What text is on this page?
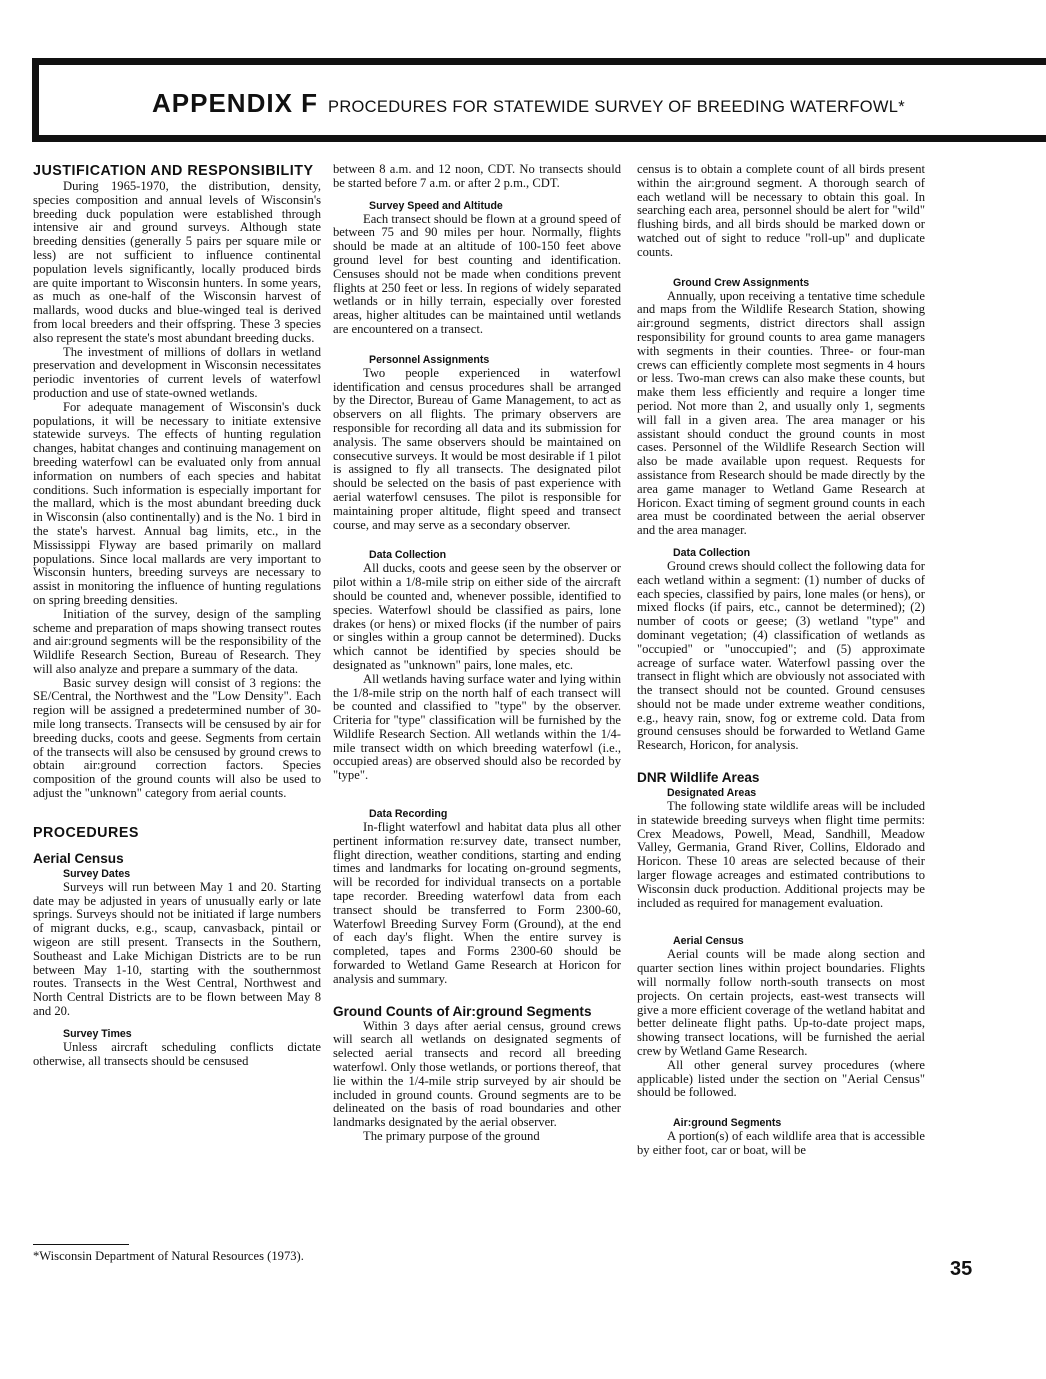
APPENDIX F PROCEDURES FOR STATEWIDE SURVEY OF BREEDING WATERFOWL*
JUSTIFICATION AND RESPONSIBILITY

During 1965-1970, the distribution, density, species composition and annual levels of Wisconsin's breeding duck population were established through intensive air and ground surveys. Although state breeding densities (generally 5 pairs per square mile or less) are not sufficient to influence continental population levels significantly, locally produced birds are quite important to Wisconsin hunters. In some years, as much as one-half of the Wisconsin harvest of mallards, wood ducks and blue-winged teal is derived from local breeders and their offspring. These 3 species also represent the state's most abundant breeding ducks.

The investment of millions of dollars in wetland preservation and development in Wisconsin necessitates periodic inventories of current levels of waterfowl production and use of state-owned wetlands.

For adequate management of Wisconsin's duck populations, it will be necessary to initiate extensive statewide surveys. The effects of hunting regulation changes, habitat changes and continuing management on breeding waterfowl can be evaluated only from annual information on numbers of each species and habitat conditions. Such information is especially important for the mallard, which is the most abundant breeding duck in Wisconsin (also continentally) and is the No. 1 bird in the state's harvest. Annual bag limits, etc., in the Mississippi Flyway are based primarily on mallard populations. Since local mallards are very important to Wisconsin hunters, breeding surveys are necessary to assist in monitoring the influence of hunting regulations on spring breeding densities.

Initiation of the survey, design of the sampling scheme and preparation of maps showing transect routes and air:ground segments will be the responsibility of the Wildlife Research Section, Bureau of Research. They will also analyze and prepare a summary of the data.

Basic survey design will consist of 3 regions: the SE/Central, the Northwest and the "Low Density". Each region will be assigned a predetermined number of 30-mile long transects. Transects will be censused by air for breeding ducks, coots and geese. Segments from certain of the transects will also be censused by ground crews to obtain air:ground correction factors. Species composition of the ground counts will also be used to adjust the "unknown" category from aerial counts.

PROCEDURES
Aerial Census
Survey Dates

Surveys will run between May 1 and 20. Starting date may be adjusted in years of unusually early or late springs. Surveys should not be initiated if large numbers of migrant ducks, e.g., scaup, canvasback, pintail or wigeon are still present. Transects in the Southern, Southeast and Lake Michigan Districts are to be run between May 1-10, starting with the southernmost routes. Transects in the West Central, Northwest and North Central Districts are to be flown between May 8 and 20.

Survey Times

Unless aircraft scheduling conflicts dictate otherwise, all transects should be censused

between 8 a.m. and 12 noon, CDT. No transects should be started before 7 a.m. or after 2 p.m., CDT.

Survey Speed and Altitude

Each transect should be flown at a ground speed of between 75 and 90 miles per hour. Normally, flights should be made at an altitude of 100-150 feet above ground level for best counting and identification. Censuses should not be made when conditions prevent flights at 250 feet or less. In regions of widely separated wetlands or in hilly terrain, especially over forested areas, higher altitudes can be maintained until wetlands are encountered on a transect.

Personnel Assignments

Two people experienced in waterfowl identification and census procedures shall be arranged by the Director, Bureau of Game Management, to act as observers on all flights. The primary observers are responsible for recording all data and its submission for analysis. The same observers should be maintained on consecutive surveys. It would be most desirable if 1 pilot is assigned to fly all transects. The designated pilot should be selected on the basis of past experience with aerial waterfowl censuses. The pilot is responsible for maintaining proper altitude, flight speed and transect course, and may serve as a secondary observer.

Data Collection

All ducks, coots and geese seen by the observer or pilot within a 1/8-mile strip on either side of the aircraft should be counted and, whenever possible, identified to species. Waterfowl should be classified as pairs, lone drakes (or hens) or mixed flocks (if the number of pairs or singles within a group cannot be determined). Ducks which cannot be identified by species should be designated as "unknown" pairs, lone males, etc.

All wetlands having surface water and lying within the 1/8-mile strip on the north half of each transect will be counted and classified to "type" by the observer. Criteria for "type" classification will be furnished by the Wildlife Research Section. All wetlands within the 1/4-mile transect width on which breeding waterfowl (i.e., occupied areas) are observed should also be recorded by "type".

Data Recording

In-flight waterfowl and habitat data plus all other pertinent information re:survey date, transect number, flight direction, weather conditions, starting and ending times and landmarks for locating on-ground segments, will be recorded for individual transects on a portable tape recorder. Breeding waterfowl data from each transect should be transferred to Form 2300-60, Waterfowl Breeding Survey Form (Ground), at the end of each day's flight. When the entire survey is completed, tapes and Forms 2300-60 should be forwarded to Wetland Game Research at Horicon for analysis and summary.

Ground Counts of Air:ground Segments

Within 3 days after aerial census, ground crews will search all wetlands on designated segments of selected aerial transects and record all breeding waterfowl. Only those wetlands, or portions thereof, that lie within the 1/4-mile strip surveyed by air should be included in ground counts. Ground segments are to be delineated on the basis of road boundaries and other landmarks designated by the aerial observer.

The primary purpose of the ground

census is to obtain a complete count of all birds present within the air:ground segment. A thorough search of each wetland will be necessary to obtain this goal. In searching each area, personnel should be alert for "wild" flushing birds, and all birds should be marked down or watched out of sight to reduce "roll-up" and duplicate counts.

Ground Crew Assignments

Annually, upon receiving a tentative time schedule and maps from the Wildlife Research Station, showing air:ground segments, district directors shall assign responsibility for ground counts to area game managers with segments in their counties. Three- or four-man crews can efficiently complete most segments in 4 hours or less. Two-man crews can also make these counts, but make them less efficiently and require a longer time period. Not more than 2, and usually only 1, segments will fall in a given area. The area manager or his assistant should conduct the ground counts in most cases. Personnel of the Wildlife Research Section will also be made available upon request. Requests for assistance from Research should be made directly by the area game manager to Wetland Game Research at Horicon. Exact timing of segment ground counts in each area must be coordinated between the aerial observer and the area manager.

Data Collection

Ground crews should collect the following data for each wetland within a segment: (1) number of ducks of each species, classified by pairs, lone males (or hens), or mixed flocks (if pairs, etc., cannot be determined); (2) number of coots or geese; (3) wetland "type" and dominant vegetation; (4) classification of wetlands as "occupied" or "unoccupied"; and (5) approximate acreage of surface water. Waterfowl passing over the transect in flight which are obviously not associated with the transect should not be counted. Ground censuses should not be made under extreme weather conditions, e.g., heavy rain, snow, fog or extreme cold. Data from ground censuses should be forwarded to Wetland Game Research, Horicon, for analysis.

DNR Wildlife Areas
Designated Areas

The following state wildlife areas will be included in statewide breeding surveys when flight time permits: Crex Meadows, Powell, Mead, Sandhill, Meadow Valley, Germania, Grand River, Collins, Eldorado and Horicon. These 10 areas are selected because of their larger flowage acreages and estimated contributions to Wisconsin duck production. Additional projects may be included as required for management evaluation.

Aerial Census

Aerial counts will be made along section and quarter section lines within project boundaries. Flights will normally follow north-south transects on most projects. On certain projects, east-west transects will give a more efficient coverage of the wetland habitat and better delineate flight paths. Up-to-date project maps, showing transect locations, will be furnished the aerial crew by Wetland Game Research.

All other general survey procedures (where applicable) listed under the section on "Aerial Census" should be followed.

Air:ground Segments

A portion(s) of each wildlife area that is accessible by either foot, car or boat, will be

*Wisconsin Department of Natural Resources (1973).
35
